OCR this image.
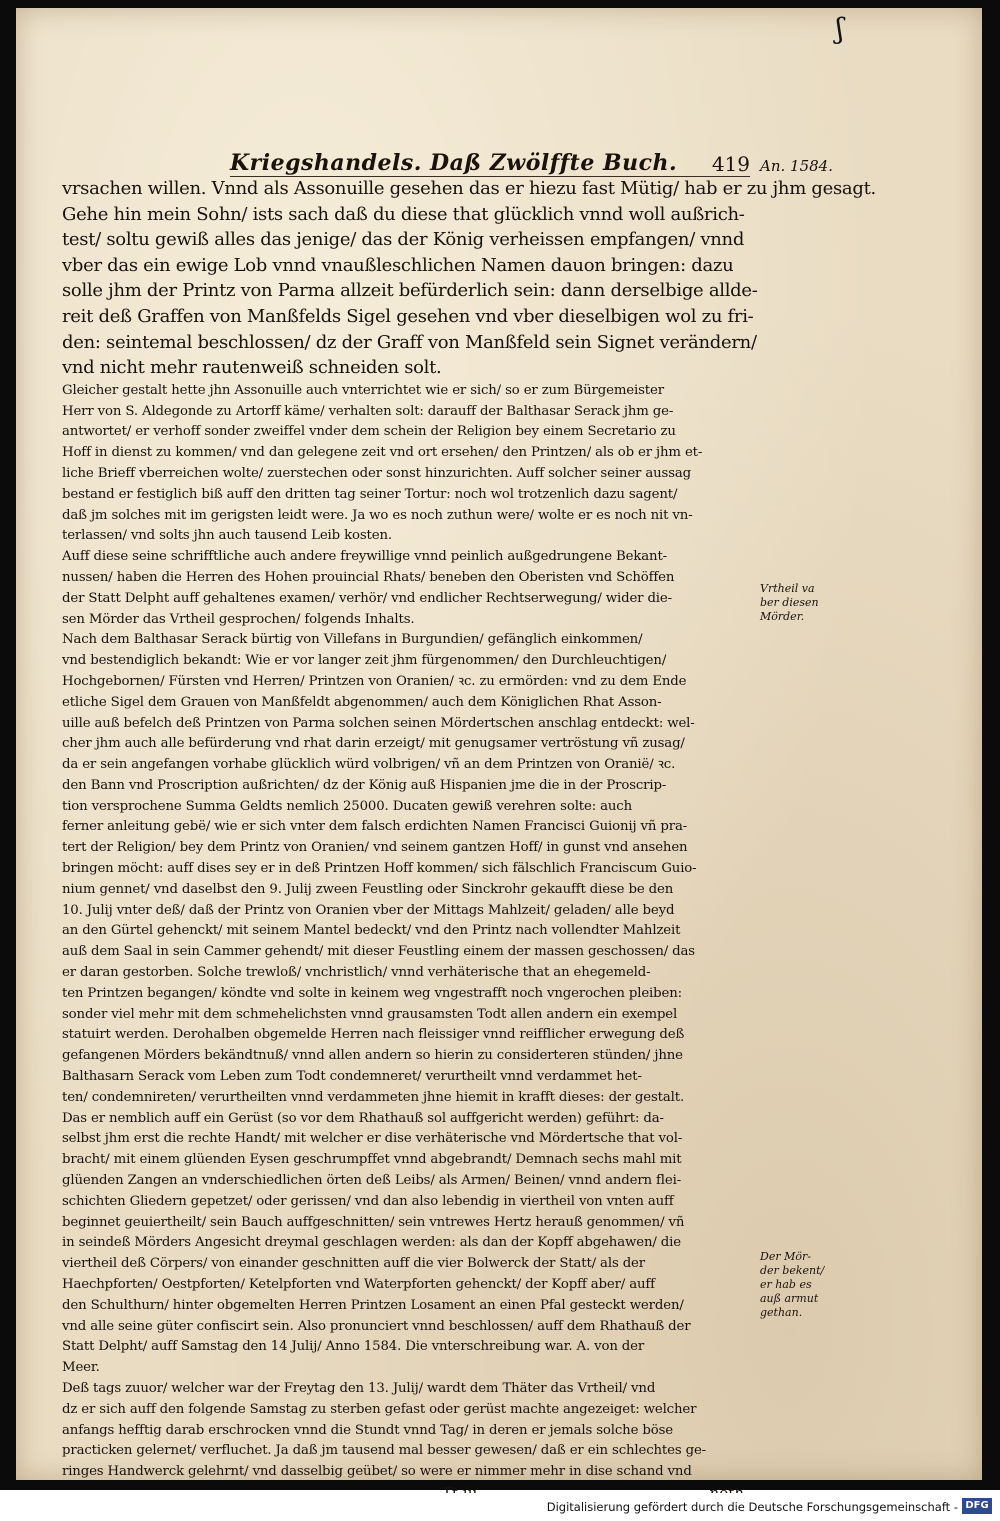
ʃ
Kriegshandels. Daß Zwölffte Buch. 419 An. 1584.
vrsachen willen. Vnnd als Assonuille gesehen das er hiezu fast Mütig/ hab er zu jhm gesagt.
Gehe hin mein Sohn/ ists sach daß du diese that glücklich vnnd woll außrich-
test/ soltu gewiß alles das jenige/ das der König verheissen empfangen/ vnnd
vber das ein ewige Lob vnnd vnaußleschlichen Namen dauon bringen: dazu
solle jhm der Printz von Parma allzeit befürderlich sein: dann derselbige allde-
reit deß Graffen von Manßfelds Sigel gesehen vnd vber dieselbigen wol zu fri-
den: seintemal beschlossen/ dz der Graff von Manßfeld sein Signet verändern/
vnd nicht mehr rautenweiß schneiden solt.
Gleicher gestalt hette jhn Assonuille auch vnterrichtet wie er sich/ so er zum Bürgemeister
Herr von S. Aldegonde zu Artorff käme/ verhalten solt: darauff der Balthasar Serack jhm ge-
antwortet/ er verhoff sonder zweiffel vnder dem schein der Religion bey einem Secretario zu
Hoff in dienst zu kommen/ vnd dan gelegene zeit vnd ort ersehen/ den Printzen/ als ob er jhm et-
liche Brieff vberreichen wolte/ zuerstechen oder sonst hinzurichten. Auff solcher seiner aussag
bestand er festiglich biß auff den dritten tag seiner Tortur: noch wol trotzenlich dazu sagent/
daß jm solches mit im gerigsten leidt were. Ja wo es noch zuthun were/ wolte er es noch nit vn-
terlassen/ vnd solts jhn auch tausend Leib kosten.
Auff diese seine schrifftliche auch andere freywillige vnnd peinlich außgedrungene Bekant-
nussen/ haben die Herren des Hohen prouincial Rhats/ beneben den Oberisten vnd Schöffen
der Statt Delpht auff gehaltenes examen/ verhör/ vnd endlicher Rechtserwegung/ wider die-
sen Mörder das Vrtheil gesprochen/ folgends Inhalts.
Nach dem Balthasar Serack bürtig von Villefans in Burgundien/ gefänglich einkommen/
vnd bestendiglich bekandt: Wie er vor langer zeit jhm fürgenommen/ den Durchleuchtigen/
Hochgebornen/ Fürsten vnd Herren/ Printzen von Oranien/ ꝛc. zu ermörden: vnd zu dem Ende
etliche Sigel dem Grauen von Manßfeldt abgenommen/ auch dem Königlichen Rhat Asson-
uille auß befelch deß Printzen von Parma solchen seinen Mördertschen anschlag entdeckt: wel-
cher jhm auch alle befürderung vnd rhat darin erzeigt/ mit genugsamer vertröstung vñ zusag/
da er sein angefangen vorhabe glücklich würd volbrigen/ vñ an dem Printzen von Oranië/ ꝛc.
den Bann vnd Proscription außrichten/ dz der König auß Hispanien jme die in der Proscrip-
tion versprochene Summa Geldts nemlich 25000. Ducaten gewiß verehren solte: auch
ferner anleitung gebë/ wie er sich vnter dem falsch erdichten Namen Francisci Guionij vñ pra-
tert der Religion/ bey dem Printz von Oranien/ vnd seinem gantzen Hoff/ in gunst vnd ansehen
bringen möcht: auff dises sey er in deß Printzen Hoff kommen/ sich fälschlich Franciscum Guio-
nium gennet/ vnd daselbst den 9. Julij zween Feustling oder Sinckrohr gekaufft diese be den
10. Julij vnter deß/ daß der Printz von Oranien vber der Mittags Mahlzeit/ geladen/ alle beyd
an den Gürtel gehenckt/ mit seinem Mantel bedeckt/ vnd den Printz nach vollendter Mahlzeit
auß dem Saal in sein Cammer gehendt/ mit dieser Feustling einem der massen geschossen/ das
er daran gestorben. Solche trewloß/ vnchristlich/ vnnd verhäterische that an ehegemeld-
ten Printzen begangen/ köndte vnd solte in keinem weg vngestrafft noch vngerochen pleiben:
sonder viel mehr mit dem schmehelichsten vnnd grausamsten Todt allen andern ein exempel
statuirt werden. Derohalben obgemelde Herren nach fleissiger vnnd reifflicher erwegung deß
gefangenen Mörders bekändtnuß/ vnnd allen andern so hierin zu considerteren stünden/ jhne
Balthasarn Serack vom Leben zum Todt condemneret/ verurtheilt vnnd verdammet het-
ten/ condemnireten/ verurtheilten vnnd verdammeten jhne hiemit in krafft dieses: der gestalt.
Das er nemblich auff ein Gerüst (so vor dem Rhathauß sol auffgericht werden) geführt: da-
selbst jhm erst die rechte Handt/ mit welcher er dise verhäterische vnd Mördertsche that vol-
bracht/ mit einem glüenden Eysen geschrumpffet vnnd abgebrandt/ Demnach sechs mahl mit
glüenden Zangen an vnderschiedlichen örten deß Leibs/ als Armen/ Beinen/ vnnd andern flei-
schichten Gliedern gepetzet/ oder gerissen/ vnd dan also lebendig in viertheil von vnten auff
beginnet geuiertheilt/ sein Bauch auffgeschnitten/ sein vntrewes Hertz herauß genommen/ vñ
in seindeß Mörders Angesicht dreymal geschlagen werden: als dan der Kopff abgehawen/ die
viertheil deß Cörpers/ von einander geschnitten auff die vier Bolwerck der Statt/ als der
Haechpforten/ Oestpforten/ Ketelpforten vnd Waterpforten gehenckt/ der Kopff aber/ auff
den Schulthurn/ hinter obgemelten Herren Printzen Losament an einen Pfal gesteckt werden/
vnd alle seine güter confiscirt sein. Also pronunciert vnnd beschlossen/ auff dem Rhathauß der
Statt Delpht/ auff Samstag den 14 Julij/ Anno 1584. Die vnterschreibung war. A. von der
Meer.
Deß tags zuuor/ welcher war der Freytag den 13. Julij/ wardt dem Thäter das Vrtheil/ vnd
dz er sich auff den folgende Samstag zu sterben gefast oder gerüst machte angezeiget: welcher
anfangs hefftig darab erschrocken vnnd die Stundt vnnd Tag/ in deren er jemals solche böse
practicken gelernet/ verfluchet. Ja daß jm tausend mal besser gewesen/ daß er ein schlechtes ge-
ringes Handwerck gelehrnt/ vnd dasselbig geübet/ so were er nimmer mehr in dise schand vnd
Vrtheil va
ber diesen
Mörder.
Der Mör-
der bekent/
er hab es
auß armut
gethan.
Digitalisierung gefördert durch die Deutsche Forschungsgemeinschaft - DFG
